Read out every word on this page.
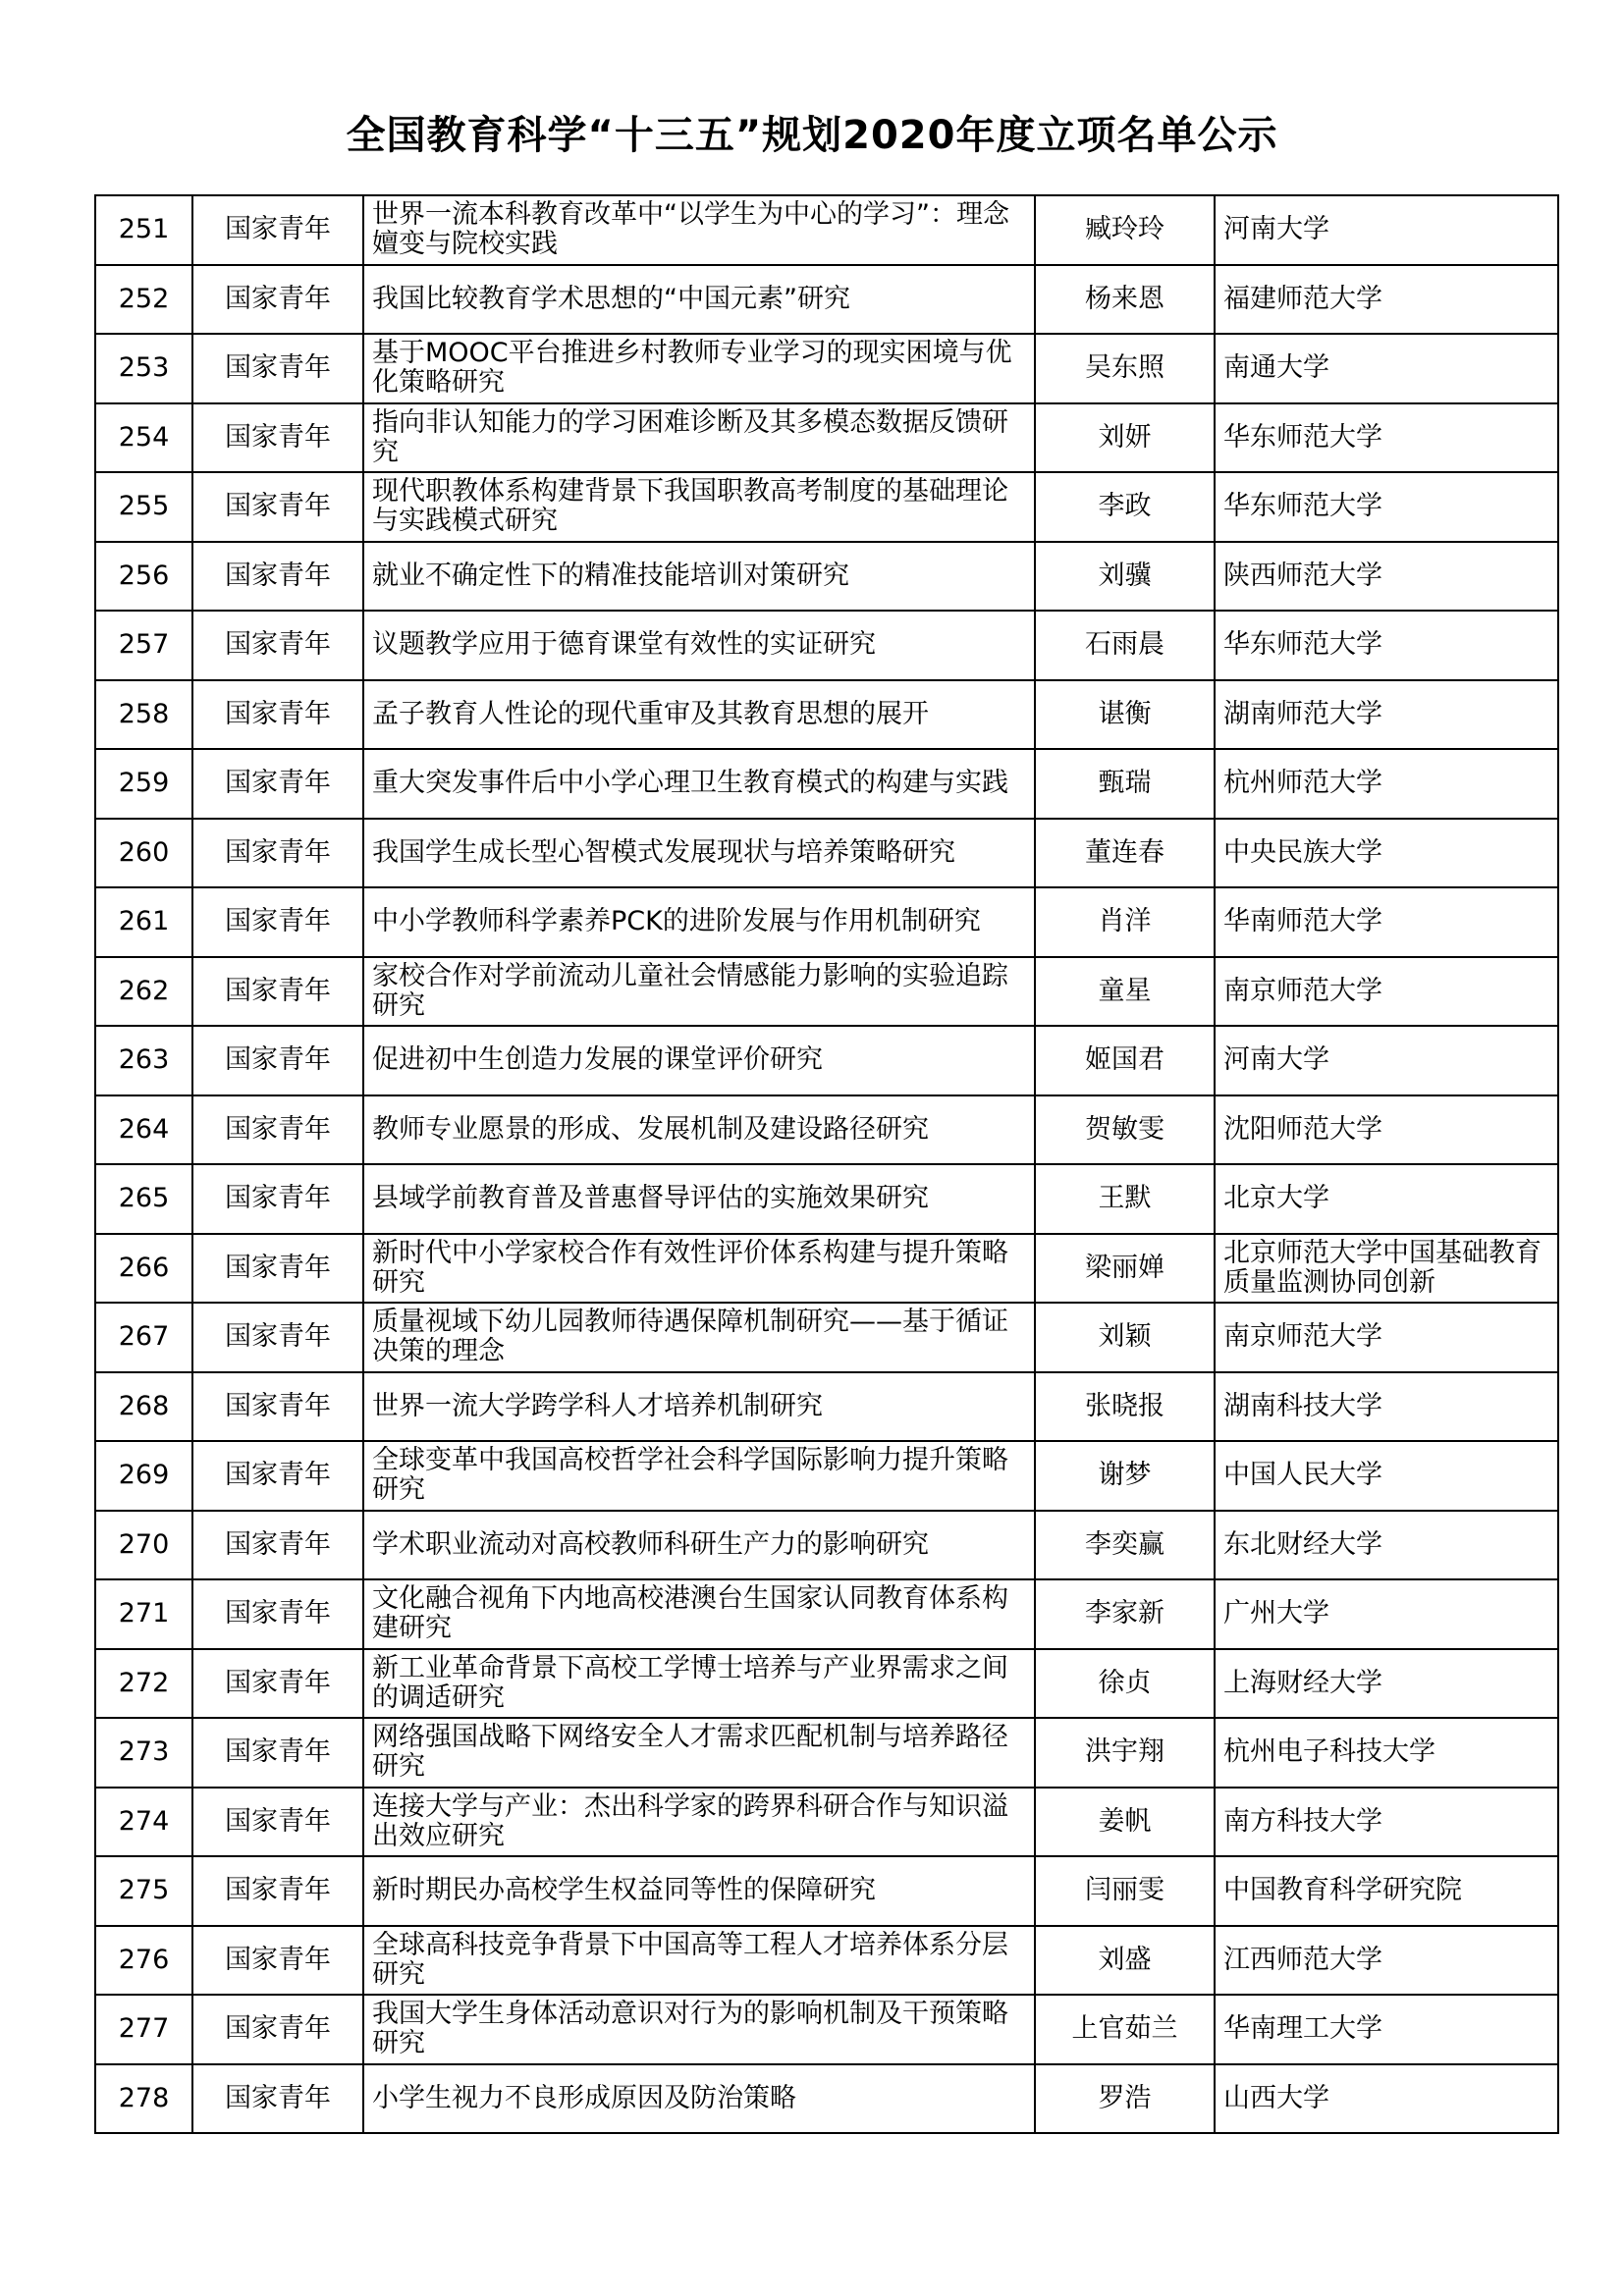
全国教育科学“十三五”规划2020年度立项名单公示
251	国家青年	世界一流本科教育改革中“以学生为中心的学习”：理念嬗变与院校实践	臧玲玲	河南大学

252	国家青年	我国比较教育学术思想的“中国元素”研究	杨来恩	福建师范大学

253	国家青年	基于MOOC平台推进乡村教师专业学习的现实困境与优化策略研究	吴东照	南通大学

254	国家青年	指向非认知能力的学习困难诊断及其多模态数据反馈研究	刘妍	华东师范大学

255	国家青年	现代职教体系构建背景下我国职教高考制度的基础理论与实践模式研究	李政	华东师范大学

256	国家青年	就业不确定性下的精准技能培训对策研究	刘骥	陕西师范大学

257	国家青年	议题教学应用于德育课堂有效性的实证研究	石雨晨	华东师范大学

258	国家青年	孟子教育人性论的现代重审及其教育思想的展开	谌衡	湖南师范大学

259	国家青年	重大突发事件后中小学心理卫生教育模式的构建与实践	甄瑞	杭州师范大学

260	国家青年	我国学生成长型心智模式发展现状与培养策略研究	董连春	中央民族大学

261	国家青年	中小学教师科学素养PCK的进阶发展与作用机制研究	肖洋	华南师范大学

262	国家青年	家校合作对学前流动儿童社会情感能力影响的实验追踪研究	童星	南京师范大学

263	国家青年	促进初中生创造力发展的课堂评价研究	姬国君	河南大学

264	国家青年	教师专业愿景的形成、发展机制及建设路径研究	贺敏雯	沈阳师范大学

265	国家青年	县域学前教育普及普惠督导评估的实施效果研究	王默	北京大学

266	国家青年	新时代中小学家校合作有效性评价体系构建与提升策略研究	梁丽婵	北京师范大学中国基础教育质量监测协同创新

267	国家青年	质量视域下幼儿园教师待遇保障机制研究——基于循证决策的理念	刘颖	南京师范大学

268	国家青年	世界一流大学跨学科人才培养机制研究	张晓报	湖南科技大学

269	国家青年	全球变革中我国高校哲学社会科学国际影响力提升策略研究	谢梦	中国人民大学

270	国家青年	学术职业流动对高校教师科研生产力的影响研究	李奕赢	东北财经大学

271	国家青年	文化融合视角下内地高校港澳台生国家认同教育体系构建研究	李家新	广州大学

272	国家青年	新工业革命背景下高校工学博士培养与产业界需求之间的调适研究	徐贞	上海财经大学

273	国家青年	网络强国战略下网络安全人才需求匹配机制与培养路径研究	洪宇翔	杭州电子科技大学

274	国家青年	连接大学与产业：杰出科学家的跨界科研合作与知识溢出效应研究	姜帆	南方科技大学

275	国家青年	新时期民办高校学生权益同等性的保障研究	闫丽雯	中国教育科学研究院

276	国家青年	全球高科技竞争背景下中国高等工程人才培养体系分层研究	刘盛	江西师范大学

277	国家青年	我国大学生身体活动意识对行为的影响机制及干预策略研究	上官茹兰	华南理工大学

278	国家青年	小学生视力不良形成原因及防治策略	罗浩	山西大学
